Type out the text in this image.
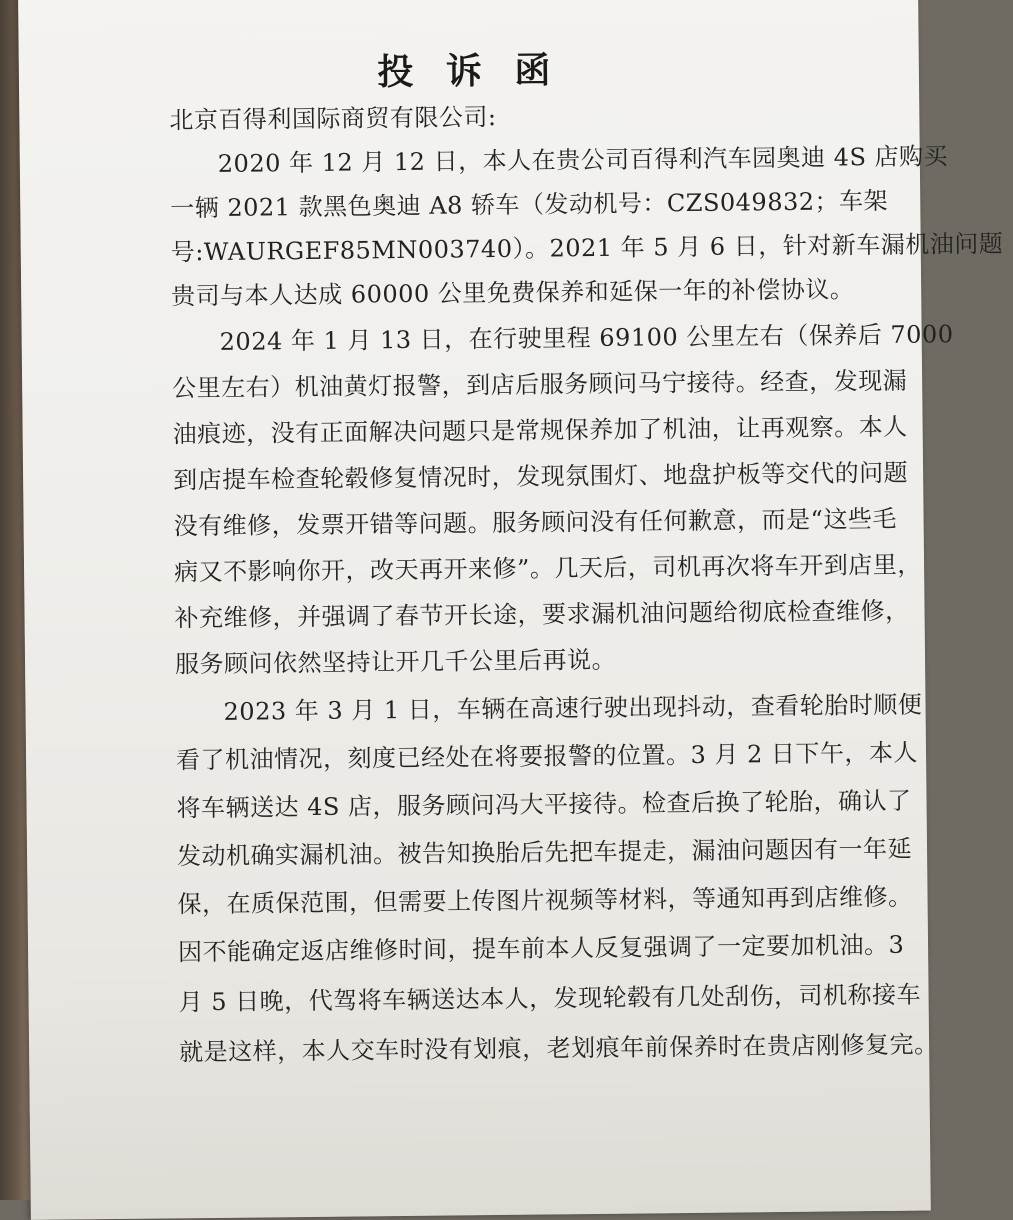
投 诉 函
北京百得利国际商贸有限公司:
2020 年 12 月 12 日，本人在贵公司百得利汽车园奥迪 4S 店购买
一辆 2021 款黑色奥迪 A8 轿车（发动机号：CZS049832；车架
号:WAURGEF85MN003740）。2021 年 5 月 6 日，针对新车漏机油问题
贵司与本人达成 60000 公里免费保养和延保一年的补偿协议。
2024 年 1 月 13 日，在行驶里程 69100 公里左右（保养后 7000
公里左右）机油黄灯报警，到店后服务顾问马宁接待。经查，发现漏
油痕迹，没有正面解决问题只是常规保养加了机油，让再观察。本人
到店提车检查轮毂修复情况时，发现氛围灯、地盘护板等交代的问题
没有维修，发票开错等问题。服务顾问没有任何歉意，而是“这些毛
病又不影响你开，改天再开来修”。几天后，司机再次将车开到店里，
补充维修，并强调了春节开长途，要求漏机油问题给彻底检查维修，
服务顾问依然坚持让开几千公里后再说。
2023 年 3 月 1 日，车辆在高速行驶出现抖动，查看轮胎时顺便
看了机油情况，刻度已经处在将要报警的位置。3 月 2 日下午，本人
将车辆送达 4S 店，服务顾问冯大平接待。检查后换了轮胎，确认了
发动机确实漏机油。被告知换胎后先把车提走，漏油问题因有一年延
保，在质保范围，但需要上传图片视频等材料，等通知再到店维修。
因不能确定返店维修时间，提车前本人反复强调了一定要加机油。3
月 5 日晚，代驾将车辆送达本人，发现轮毂有几处刮伤，司机称接车
就是这样，本人交车时没有划痕，老划痕年前保养时在贵店刚修复完。
